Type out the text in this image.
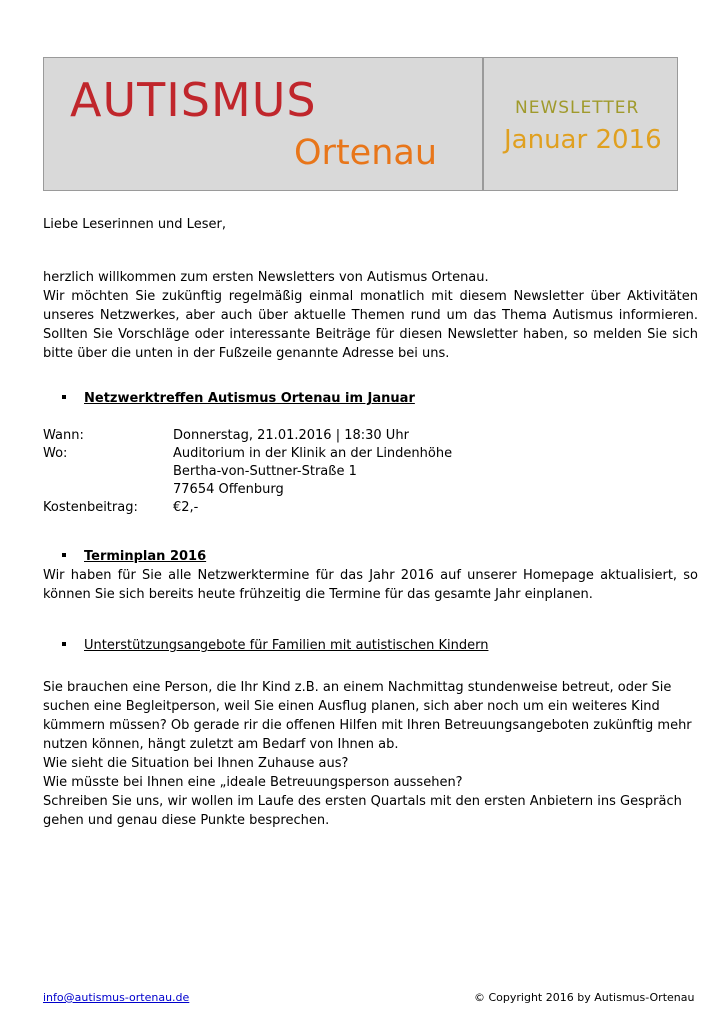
AUTISMUS
Ortenau
NEWSLETTER
Januar 2016
Liebe Leserinnen und Leser,
herzlich willkommen zum ersten Newsletters von Autismus Ortenau.
Wir möchten Sie zukünftig regelmäßig einmal monatlich mit diesem Newsletter über Aktivitäten unseres Netzwerkes, aber auch über aktuelle Themen rund um das Thema Autismus informieren. Sollten Sie Vorschläge oder interessante Beiträge für diesen Newsletter haben, so melden Sie sich bitte über die unten in der Fußzeile genannte Adresse bei uns.
Netzwerktreffen Autismus Ortenau im Januar
Wann:	Donnerstag, 21.01.2016 | 18:30 Uhr
Wo:	Auditorium in der Klinik an der Lindenhöhe
Bertha-von-Suttner-Straße 1
77654 Offenburg
Kostenbeitrag:	€2,-
Terminplan 2016
Wir haben für Sie alle Netzwerktermine für das Jahr 2016 auf unserer Homepage aktualisiert, so können Sie sich bereits heute frühzeitig die Termine für das gesamte Jahr einplanen.
Unterstützungsangebote für Familien mit autistischen Kindern
Sie brauchen eine Person, die Ihr Kind z.B. an einem Nachmittag stundenweise betreut, oder Sie
suchen eine Begleitperson, weil Sie einen Ausflug planen, sich aber noch um ein weiteres Kind
kümmern müssen? Ob gerade rir die offenen Hilfen mit Ihren Betreuungsangeboten zukünftig mehr
nutzen können, hängt zuletzt am Bedarf von Ihnen ab.
Wie sieht die Situation bei Ihnen Zuhause aus?
Wie müsste bei Ihnen eine „ideale Betreuungsperson aussehen?
Schreiben Sie uns, wir wollen im Laufe des ersten Quartals mit den ersten Anbietern ins Gespräch
gehen und genau diese Punkte besprechen.
info@autismus-ortenau.de	© Copyright 2016 by Autismus-Ortenau
